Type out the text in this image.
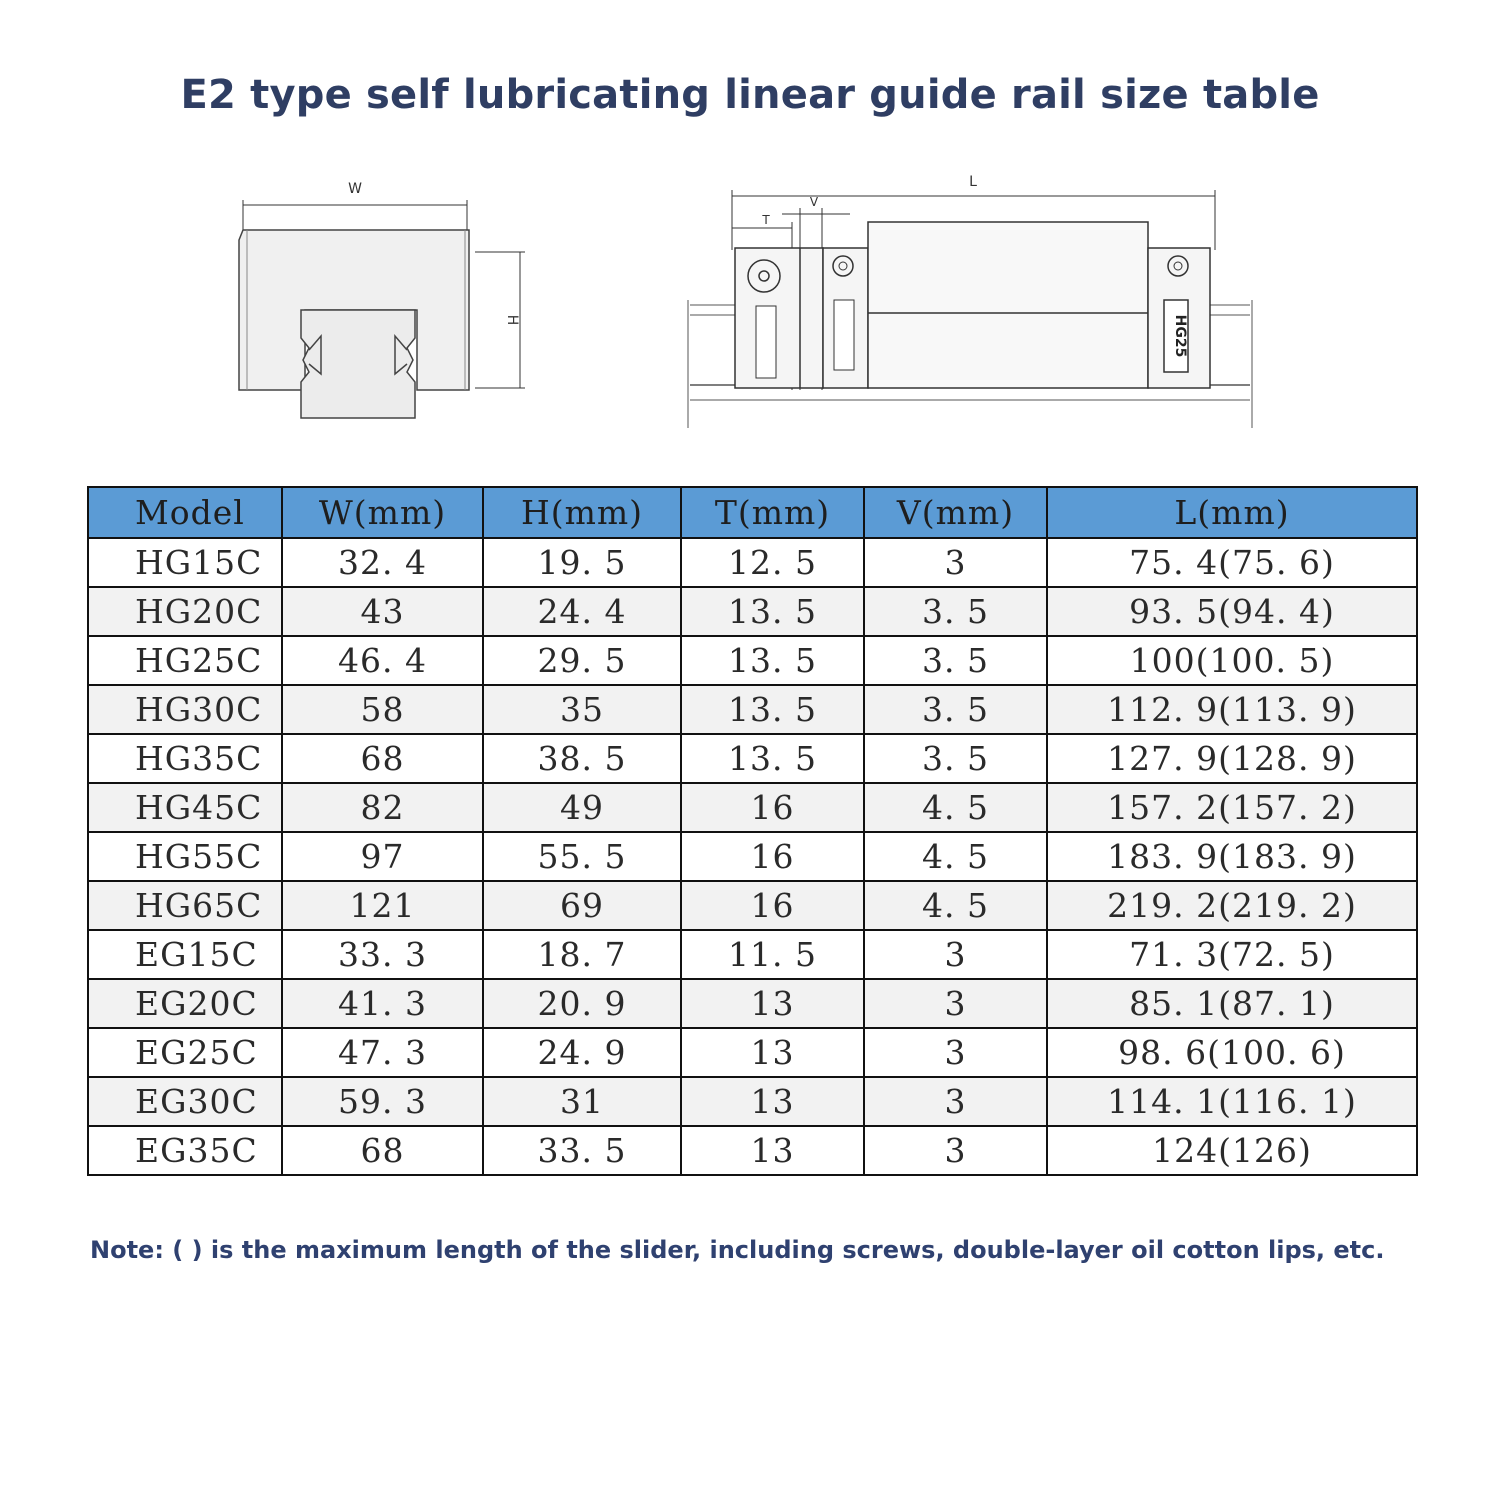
E2 type self lubricating linear guide rail size table
W
H
L
T
V
HG25
Model	W(mm)	H(mm)	T(mm)	V(mm)	L(mm)
HG15C	32. 4	19. 5	12. 5	3	75. 4(75. 6)
HG20C	43	24. 4	13. 5	3. 5	93. 5(94. 4)
HG25C	46. 4	29. 5	13. 5	3. 5	100(100. 5)
HG30C	58	35	13. 5	3. 5	112. 9(113. 9)
HG35C	68	38. 5	13. 5	3. 5	127. 9(128. 9)
HG45C	82	49	16	4. 5	157. 2(157. 2)
HG55C	97	55. 5	16	4. 5	183. 9(183. 9)
HG65C	121	69	16	4. 5	219. 2(219. 2)
EG15C	33. 3	18. 7	11. 5	3	71. 3(72. 5)
EG20C	41. 3	20. 9	13	3	85. 1(87. 1)
EG25C	47. 3	24. 9	13	3	98. 6(100. 6)
EG30C	59. 3	31	13	3	114. 1(116. 1)
EG35C	68	33. 5	13	3	124(126)
Note: ( ) is the maximum length of the slider, including screws, double-layer oil cotton lips, etc.
